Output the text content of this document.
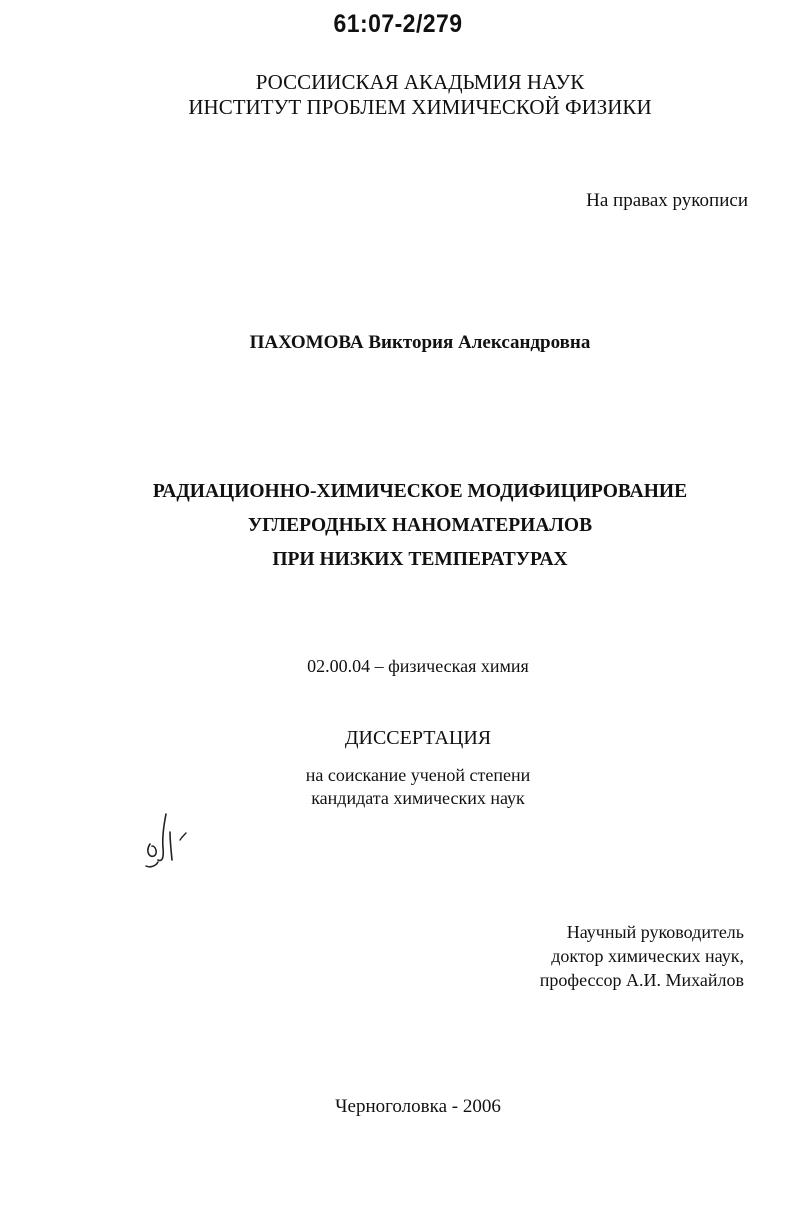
61:07-2/279
РОССИИСКАЯ АКАДЬМИЯ НАУК
ИНСТИТУТ ПРОБЛЕМ ХИМИЧЕСКОЙ ФИЗИКИ
На правах рукописи
ПАХОМОВА Виктория Александровна
РАДИАЦИОННО-ХИМИЧЕСКОЕ МОДИФИЦИРОВАНИЕ
УГЛЕРОДНЫХ НАНОМАТЕРИАЛОВ
ПРИ НИЗКИХ ТЕМПЕРАТУРАХ
02.00.04 – физическая химия
ДИССЕРТАЦИЯ
на соискание ученой степени
кандидата химических наук
Научный руководитель
доктор химических наук,
профессор А.И. Михайлов
Черноголовка - 2006
